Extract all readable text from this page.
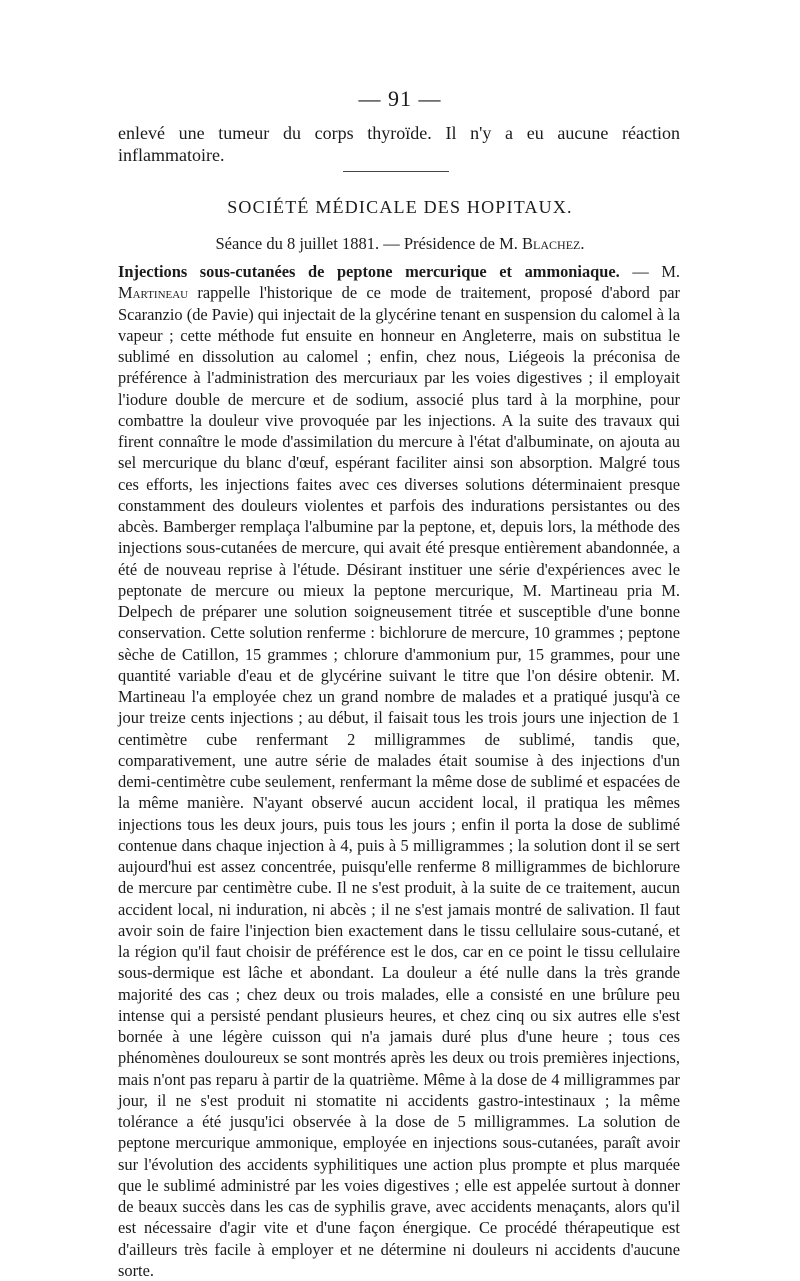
— 91 —
enlevé une tumeur du corps thyroïde. Il n'y a eu aucune réaction inflammatoire.
SOCIÉTÉ MÉDICALE DES HOPITAUX.
Séance du 8 juillet 1881. — Présidence de M. Blachez.
Injections sous-cutanées de peptone mercurique et ammoniaque. — M. Martineau rappelle l'historique de ce mode de traitement, proposé d'abord par Scaranzio (de Pavie) qui injectait de la glycérine tenant en suspension du calomel à la vapeur ; cette méthode fut ensuite en honneur en Angleterre, mais on substitua le sublimé en dissolution au calomel ; enfin, chez nous, Liégeois la préconisa de préférence à l'administration des mercuriaux par les voies digestives ; il employait l'iodure double de mercure et de sodium, associé plus tard à la morphine, pour combattre la douleur vive provoquée par les injections. A la suite des travaux qui firent connaître le mode d'assimilation du mercure à l'état d'albuminate, on ajouta au sel mercurique du blanc d'œuf, espérant faciliter ainsi son absorption. Malgré tous ces efforts, les injections faites avec ces diverses solutions déterminaient presque constamment des douleurs violentes et parfois des indurations persistantes ou des abcès. Bamberger remplaça l'albumine par la peptone, et, depuis lors, la méthode des injections sous-cutanées de mercure, qui avait été presque entièrement abandonnée, a été de nouveau reprise à l'étude. Désirant instituer une série d'expériences avec le peptonate de mercure ou mieux la peptone mercurique, M. Martineau pria M. Delpech de préparer une solution soigneusement titrée et susceptible d'une bonne conservation. Cette solution renferme : bichlorure de mercure, 10 grammes ; peptone sèche de Catillon, 15 grammes ; chlorure d'ammonium pur, 15 grammes, pour une quantité variable d'eau et de glycérine suivant le titre que l'on désire obtenir. M. Martineau l'a employée chez un grand nombre de malades et a pratiqué jusqu'à ce jour treize cents injections ; au début, il faisait tous les trois jours une injection de 1 centimètre cube renfermant 2 milligrammes de sublimé, tandis que, comparativement, une autre série de malades était soumise à des injections d'un demi-centimètre cube seulement, renfermant la même dose de sublimé et espacées de la même manière. N'ayant observé aucun accident local, il pratiqua les mêmes injections tous les deux jours, puis tous les jours ; enfin il porta la dose de sublimé contenue dans chaque injection à 4, puis à 5 milligrammes ; la solution dont il se sert aujourd'hui est assez concentrée, puisqu'elle renferme 8 milligrammes de bichlorure de mercure par centimètre cube. Il ne s'est produit, à la suite de ce traitement, aucun accident local, ni induration, ni abcès ; il ne s'est jamais montré de salivation. Il faut avoir soin de faire l'injection bien exactement dans le tissu cellulaire sous-cutané, et la région qu'il faut choisir de préférence est le dos, car en ce point le tissu cellulaire sous-dermique est lâche et abondant. La douleur a été nulle dans la très grande majorité des cas ; chez deux ou trois malades, elle a consisté en une brûlure peu intense qui a persisté pendant plusieurs heures, et chez cinq ou six autres elle s'est bornée à une légère cuisson qui n'a jamais duré plus d'une heure ; tous ces phénomènes douloureux se sont montrés après les deux ou trois premières injections, mais n'ont pas reparu à partir de la quatrième. Même à la dose de 4 milligrammes par jour, il ne s'est produit ni stomatite ni accidents gastro-intestinaux ; la même tolérance a été jusqu'ici observée à la dose de 5 milligrammes. La solution de peptone mercurique ammonique, employée en injections sous-cutanées, paraît avoir sur l'évolution des accidents syphilitiques une action plus prompte et plus marquée que le sublimé administré par les voies digestives ; elle est appelée surtout à donner de beaux succès dans les cas de syphilis grave, avec accidents menaçants, alors qu'il est nécessaire d'agir vite et d'une façon énergique. Ce procédé thérapeutique est d'ailleurs très facile à employer et ne détermine ni douleurs ni accidents d'aucune sorte.
